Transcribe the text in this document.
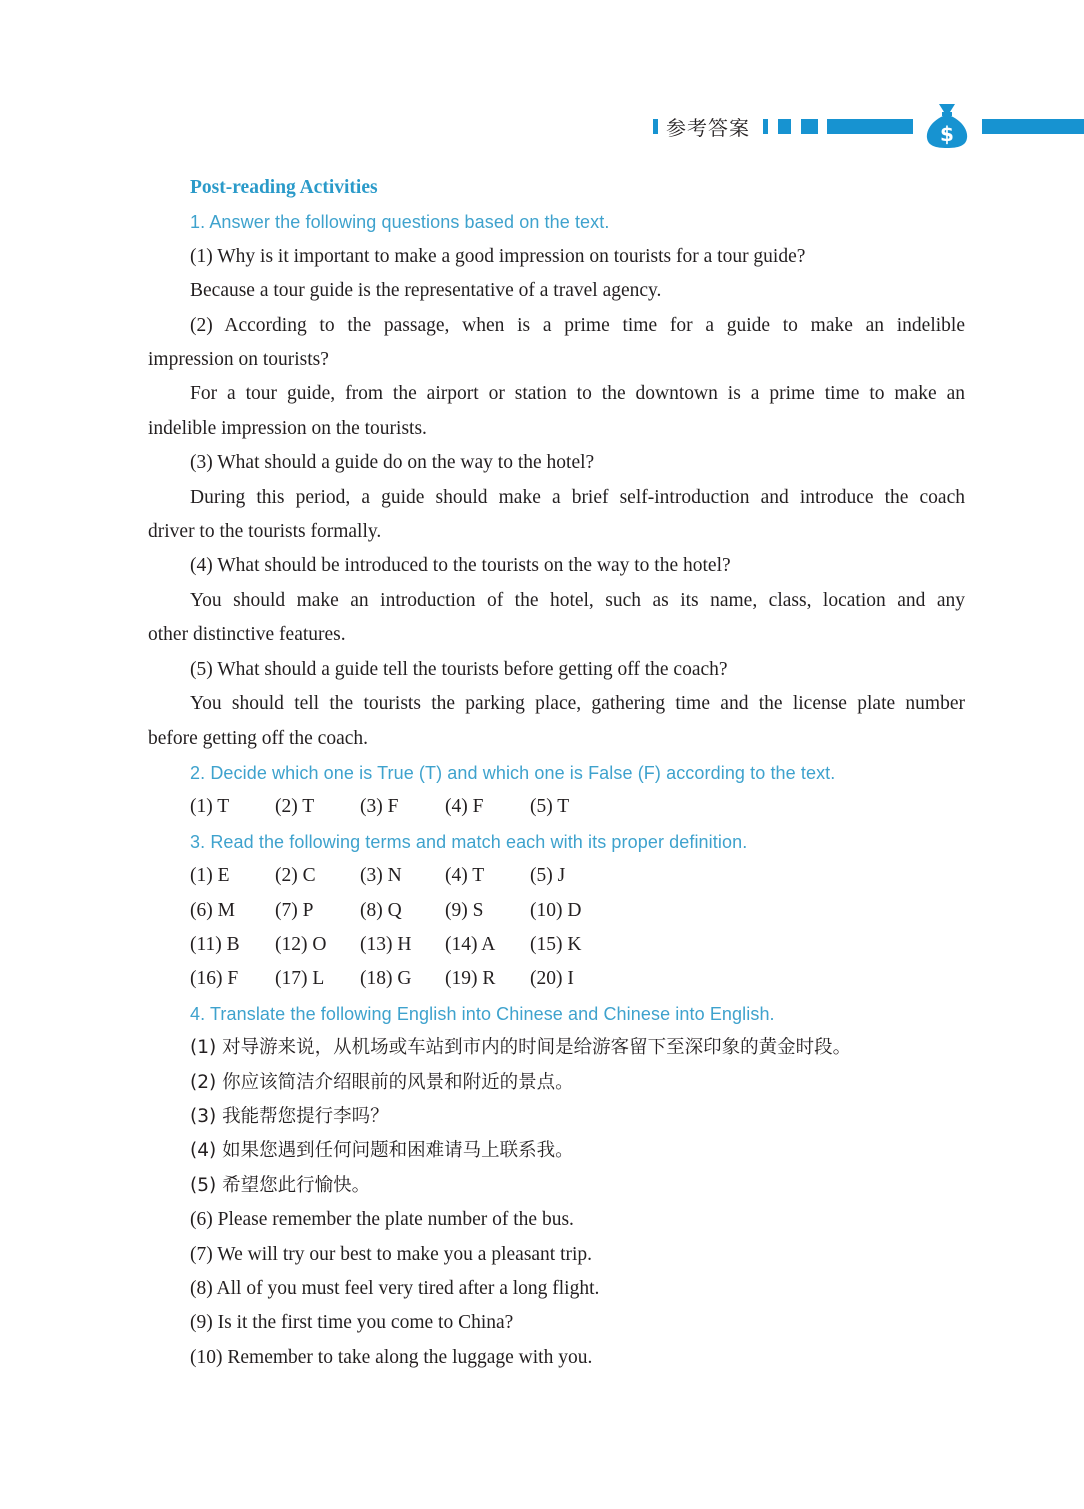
参考答案	$
Post-reading Activities
1. Answer the following questions based on the text.
(1) Why is it important to make a good impression on tourists for a tour guide?
Because a tour guide is the representative of a travel agency.
(2) According to the passage, when is a prime time for a guide to make an indelible
impression on tourists?
For a tour guide, from the airport or station to the downtown is a prime time to make an
indelible impression on the tourists.
(3) What should a guide do on the way to the hotel?
During this period, a guide should make a brief self-introduction and introduce the coach
driver to the tourists formally.
(4) What should be introduced to the tourists on the way to the hotel?
You should make an introduction of the hotel, such as its name, class, location and any
other distinctive features.
(5) What should a guide tell the tourists before getting off the coach?
You should tell the tourists the parking place, gathering time and the license plate number
before getting off the coach.
2. Decide which one is True (T) and which one is False (F) according to the text.
(1) T	(2) T	(3) F	(4) F	(5) T
3. Read the following terms and match each with its proper definition.
(1) E	(2) C	(3) N	(4) T	(5) J
(6) M	(7) P	(8) Q	(9) S	(10) D
(11) B	(12) O	(13) H	(14) A	(15) K
(16) F	(17) L	(18) G	(19) R	(20) I
4. Translate the following English into Chinese and Chinese into English.
(1) 对导游来说，从机场或车站到市内的时间是给游客留下至深印象的黄金时段。
(2) 你应该简洁介绍眼前的风景和附近的景点。
(3) 我能帮您提行李吗？
(4) 如果您遇到任何问题和困难请马上联系我。
(5) 希望您此行愉快。
(6) Please remember the plate number of the bus.
(7) We will try our best to make you a pleasant trip.
(8) All of you must feel very tired after a long flight.
(9) Is it the first time you come to China?
(10) Remember to take along the luggage with you.
